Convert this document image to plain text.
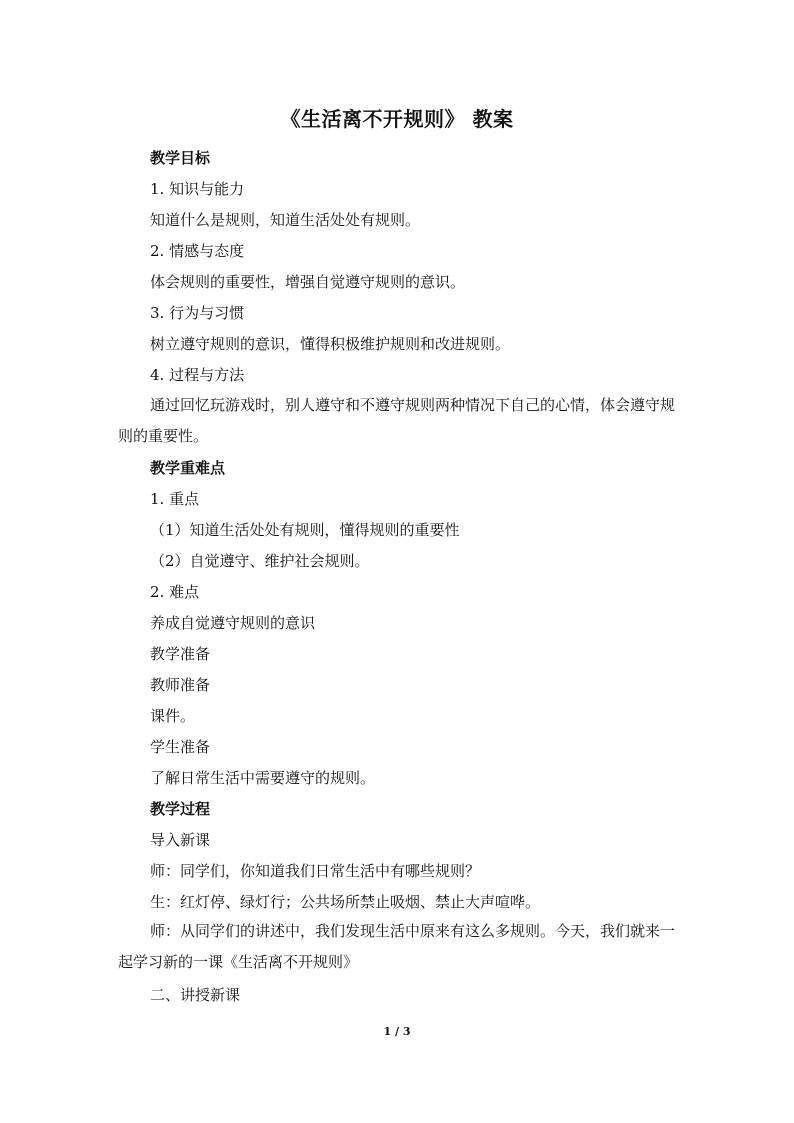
《生活离不开规则》 教案
教学目标
1. 知识与能力
知道什么是规则，知道生活处处有规则。
2. 情感与态度
体会规则的重要性，增强自觉遵守规则的意识。
3. 行为与习惯
树立遵守规则的意识，懂得积极维护规则和改进规则。
4. 过程与方法
通过回忆玩游戏时，别人遵守和不遵守规则两种情况下自己的心情，体会遵守规则的重要性。
教学重难点
1. 重点
（1）知道生活处处有规则，懂得规则的重要性
（2）自觉遵守、维护社会规则。
2. 难点
养成自觉遵守规则的意识
教学准备
教师准备
课件。
学生准备
了解日常生活中需要遵守的规则。
教学过程
导入新课
师：同学们，你知道我们日常生活中有哪些规则？
生：红灯停、绿灯行；公共场所禁止吸烟、禁止大声喧哗。
师：从同学们的讲述中，我们发现生活中原来有这么多规则。今天，我们就来一起学习新的一课《生活离不开规则》
二、讲授新课
1 / 3
